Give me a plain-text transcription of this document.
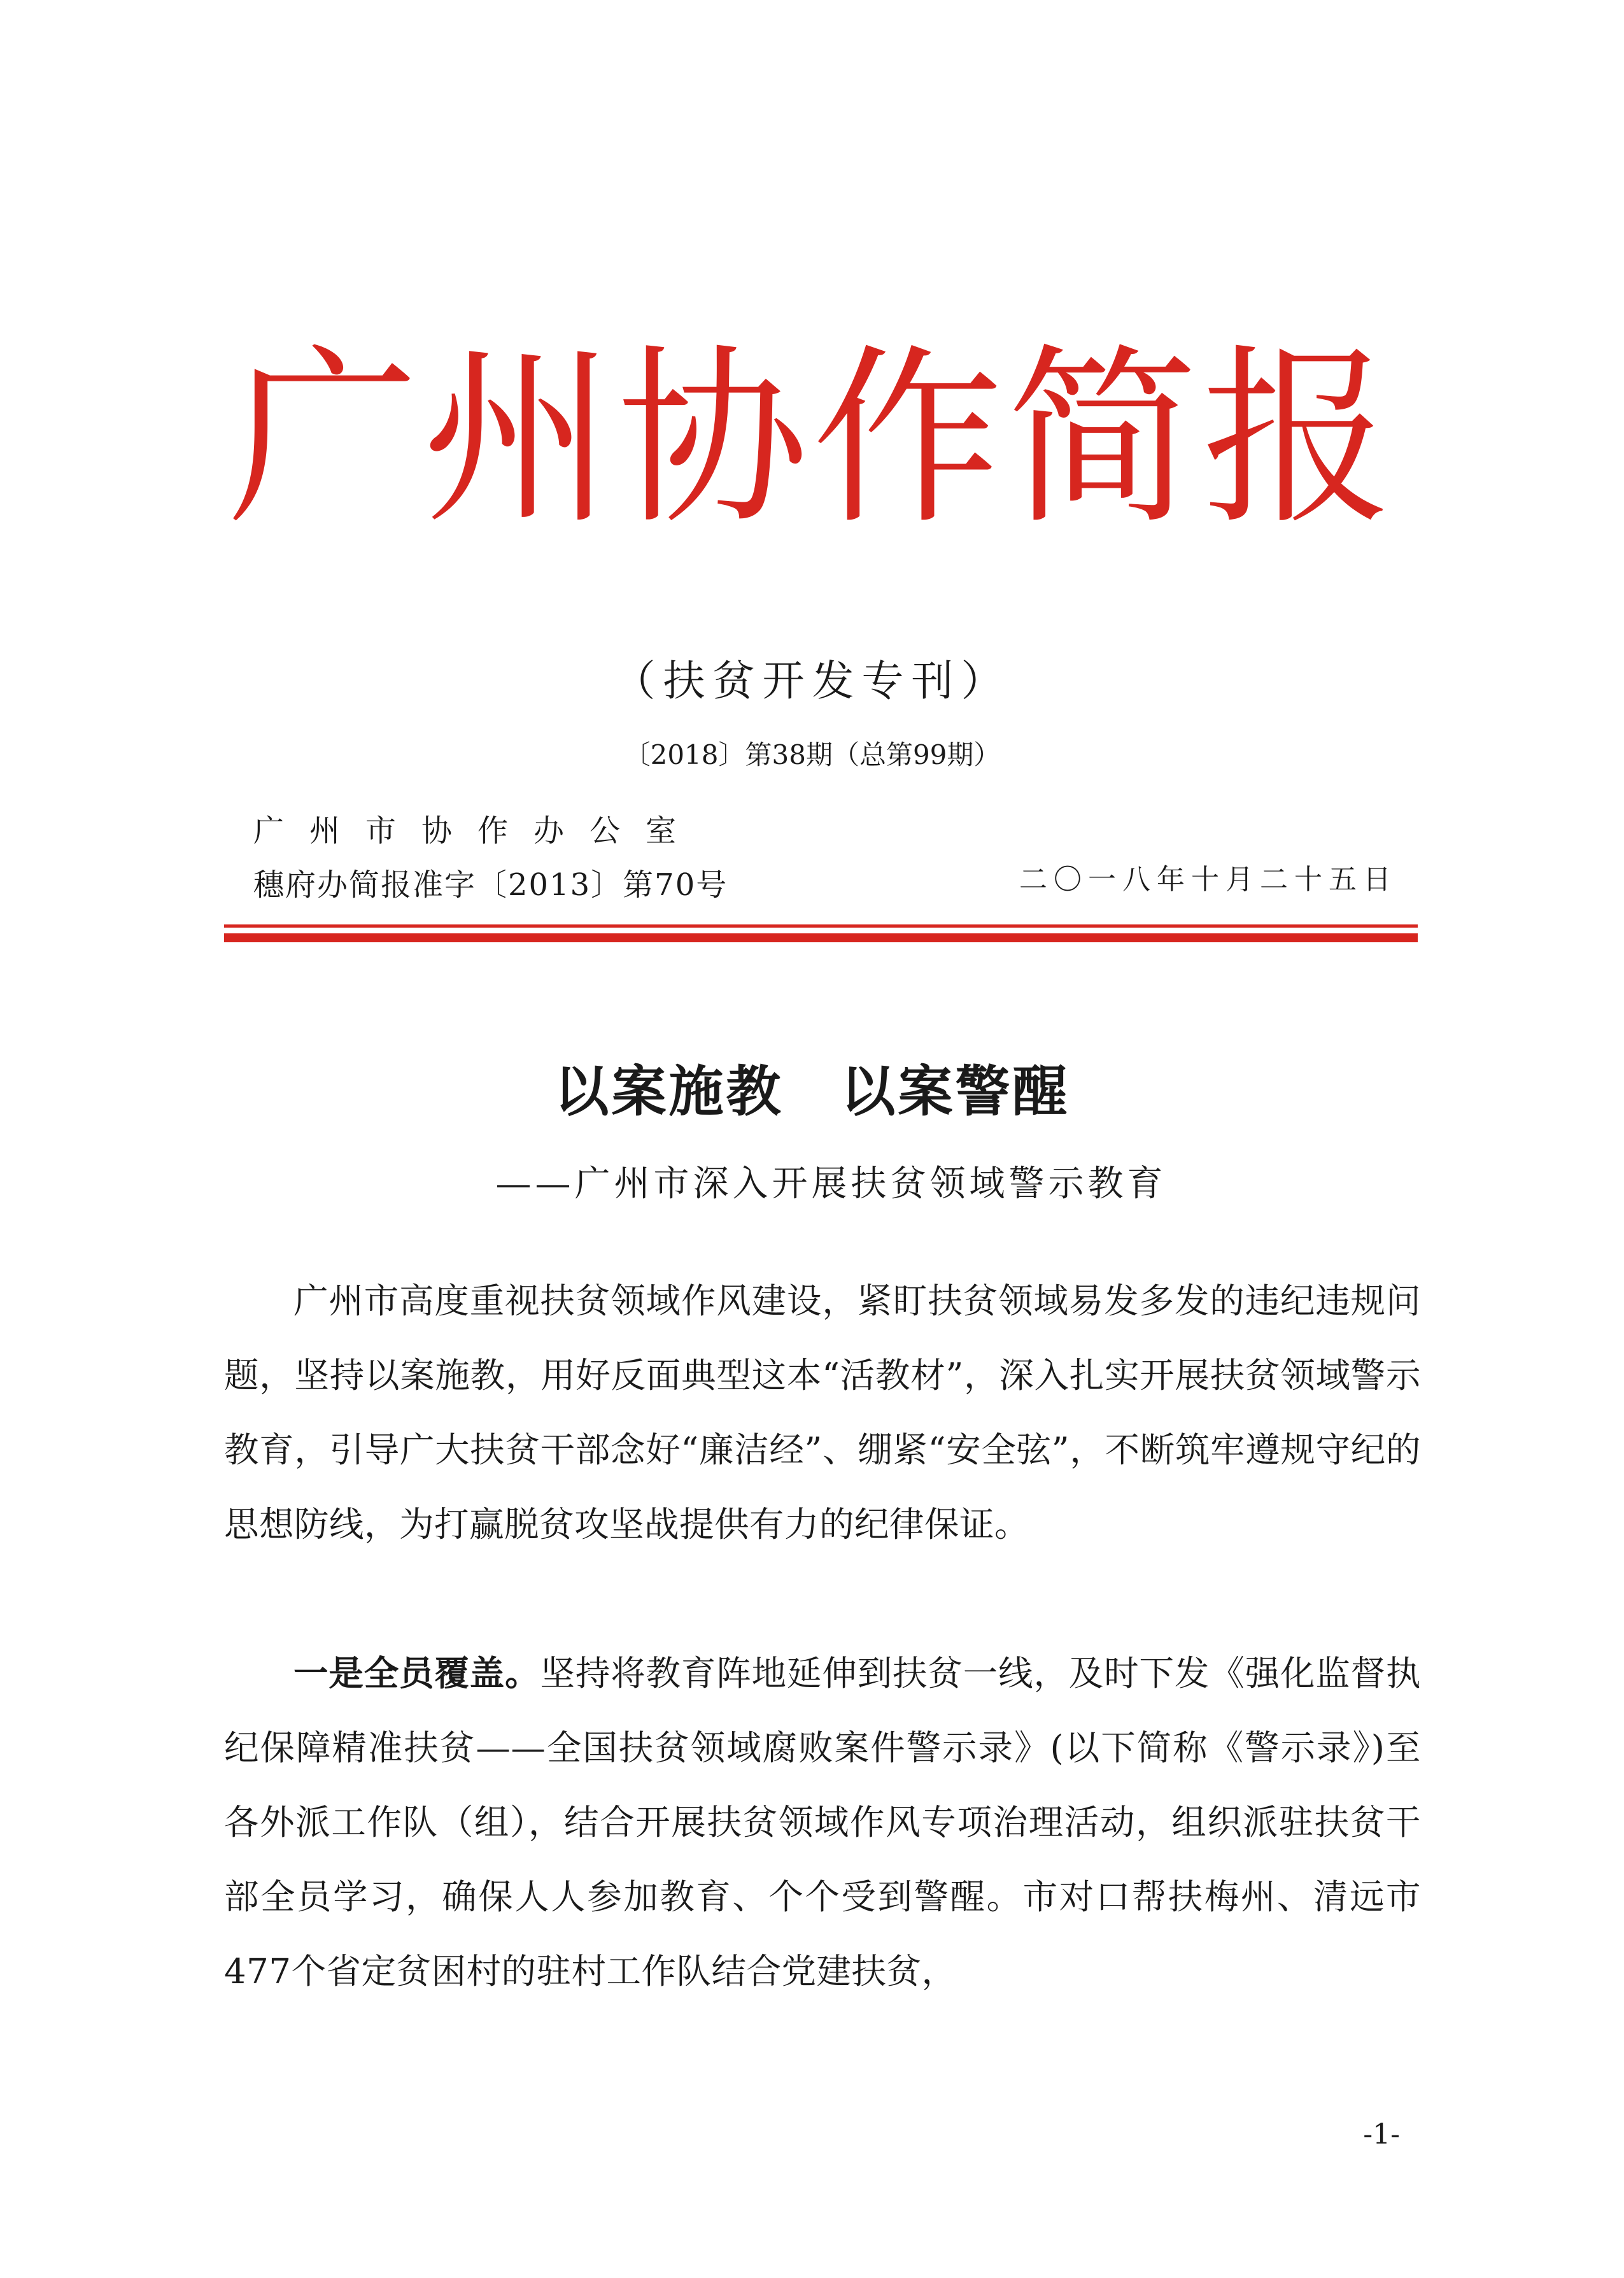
广州协作简报
（扶贫开发专刊）
〔2018〕第38期（总第99期）
广州市协作办公室
穗府办简报准字〔2013〕第70号	二〇一八年十月二十五日
以案施教　以案警醒
——广州市深入开展扶贫领域警示教育

广州市高度重视扶贫领域作风建设，紧盯扶贫领域易发多发的违纪违规问题，坚持以案施教，用好反面典型这本“活教材”，深入扎实开展扶贫领域警示教育，引导广大扶贫干部念好“廉洁经”、绷紧“安全弦”，不断筑牢遵规守纪的思想防线，为打赢脱贫攻坚战提供有力的纪律保证。

一是全员覆盖。坚持将教育阵地延伸到扶贫一线，及时下发《强化监督执纪保障精准扶贫——全国扶贫领域腐败案件警示录》(以下简称《警示录》)至各外派工作队（组），结合开展扶贫领域作风专项治理活动，组织派驻扶贫干部全员学习，确保人人参加教育、个个受到警醒。市对口帮扶梅州、清远市477个省定贫困村的驻村工作队结合党建扶贫，

-1-
